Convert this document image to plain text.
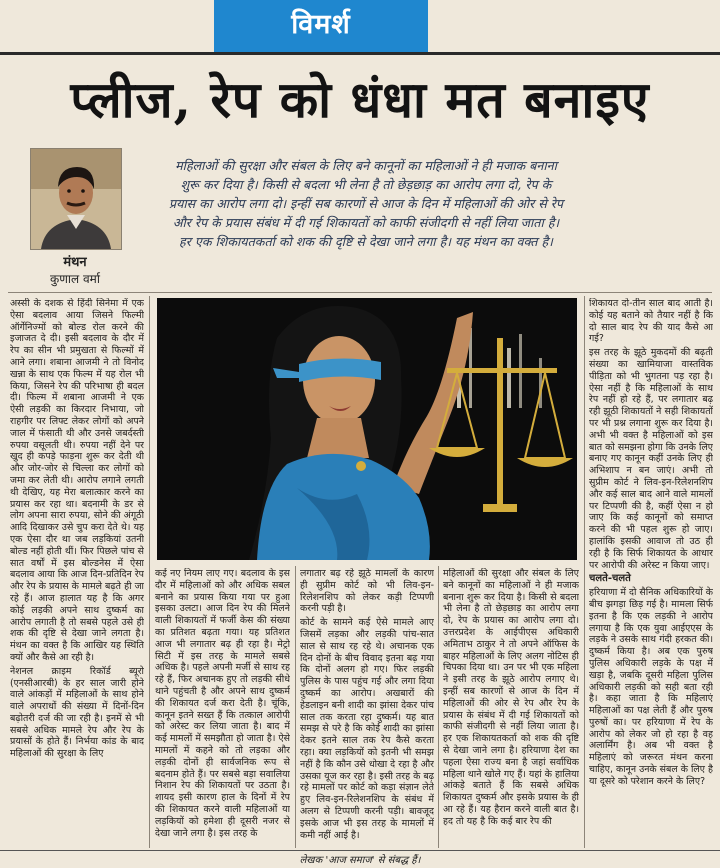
विमर्श
प्लीज, रेप को धंधा मत बनाइए
मंथन
कुणाल वर्मा
महिलाओं की सुरक्षा और संबल के लिए बने कानूनों का महिलाओं ने ही मजाक बनाना शुरू कर दिया है। किसी से बदला भी लेना है तो छेड़छाड़ का आरोप लगा दो, रेप के प्रयास का आरोप लगा दो। इन्हीं सब कारणों से आज के दिन में महिलाओं की ओर से रेप और रेप के प्रयास संबंध में दी गई शिकायतों को काफी संजीदगी से नहीं लिया जाता है। हर एक शिकायतकर्ता को शक की दृष्टि से देखा जाने लगा है। यह मंथन का वक्त है।

अस्सी के दशक से हिंदी सिनेमा में एक ऐसा बदलाव आया जिसने फिल्मी ऑर्गेनिज्मों को बोल्ड रोल करने की इजाजत दे दी। इसी बदलाव के दौर में रेप का सीन भी प्रमुखता से फिल्मों में आने लगा। शबाना आजमी ने तो विनोद खन्ना के साथ एक फिल्म में यह रोल भी किया, जिसने रेप की परिभाषा ही बदल दी। फिल्म में शबाना आजमी ने एक ऐसी लड़की का किरदार निभाया, जो राहगीर पर लिफ्ट लेकर लोगों को अपने जाल में फंसाती थी और उनसे जबर्दस्ती रुपया वसूलती थी। रुपया नहीं देने पर खुद ही कपड़े फाड़ना शुरू कर देती थी और जोर-जोर से चिल्ला कर लोगों को जमा कर लेती थी। आरोप लगाने लगती थी देखिए, यह मेरा बलात्कार करने का प्रयास कर रहा था। बदनामी के डर से लोग अपना सारा रुपया, सोने की अंगूठी आदि दिखाकर उसे चुप करा देते थे। यह एक ऐसा दौर था जब लड़कियां उतनी बोल्ड नहीं होती थीं। फिर पिछले पांच से सात वर्षों में इस बोल्डनेस में ऐसा बदलाव आया कि आज दिन-प्रतिदिन रेप और रेप के प्रयास के मामले बढ़ते ही जा रहे हैं। आज हालात यह है कि अगर कोई लड़की अपने साथ दुष्कर्म का आरोप लगाती है तो सबसे पहले उसे ही शक की दृष्टि से देखा जाने लगता है। मंथन का वक्त है कि आखिर यह स्थिति क्यों और कैसे आ रही है।

नेशनल क्राइम रिकॉर्ड ब्यूरो (एनसीआरबी) के हर साल जारी होने वाले आंकड़ों में महिलाओं के साथ होने वाले अपराधों की संख्या में दिनों-दिन बढ़ोतरी दर्ज की जा रही है। इनमें से भी सबसे अधिक मामले रेप और रेप के प्रयासों के होते हैं। निर्भया कांड के बाद महिलाओं की सुरक्षा के लिए

कई नए नियम लाए गए। बदलाव के इस दौर में महिलाओं को और अधिक सबल बनाने का प्रयास किया गया पर हुआ इसका उलटा। आज दिन रेप की मिलने वाली शिकायतों में फर्जी केस की संख्या का प्रतिशत बढ़ता गया। यह प्रतिशत आज भी लगातार बढ़ ही रहा है। मेट्रो सिटी में इस तरह के मामले सबसे अधिक है। पहले अपनी मर्जी से साथ रह रहे हैं, फिर अचानक हुए तो लड़की सीधे थाने पहुंचती है और अपने साथ दुष्कर्म की शिकायत दर्ज करा देती है। चूंकि, कानून इतने सख्त हैं कि तत्काल आरोपी को अरेस्ट कर लिया जाता है। बाद में कई मामलों में समझौता हो जाता है। ऐसे मामलों में कहने को तो लड़का और लड़की दोनों ही सार्वजनिक रूप से बदनाम होते हैं। पर सबसे बड़ा सवालिया निशान रेप की शिकायतों पर उठता है। शायद इसी कारण हाल के दिनों में रेप की शिकायत करने वाली महिलाओं या लड़कियों को हमेशा ही दूसरी नजर से देखा जाने लगा है। इस तरह के

लगातार बढ़ रहे झूठे मामलों के कारण ही सुप्रीम कोर्ट को भी लिव-इन-रिलेशनशिप को लेकर कड़ी टिप्पणी करनी पड़ी है।

कोर्ट के सामने कई ऐसे मामले आए जिसमें लड़का और लड़की पांच-सात साल से साथ रह रहे थे। अचानक एक दिन दोनों के बीच विवाद इतना बढ़ गया कि दोनों अलग हो गए। फिर लड़की पुलिस के पास पहुंच गई और लगा दिया दुष्कर्म का आरोप। अखबारों की हेडलाइन बनी शादी का झांसा देकर पांच साल तक करता रहा दुष्कर्म। यह बात समझ से परे है कि कोई शादी का झांसा देकर इतने साल तक रेप कैसे करता रहा। क्या लड़कियों को इतनी भी समझ नहीं है कि कौन उसे धोखा दे रहा है और उसका यूज कर रहा है। इसी तरह के बढ़ रहे मामलों पर कोर्ट को कड़ा संज्ञान लेते हुए लिव-इन-रिलेशनशिप के संबंध में अलग से टिप्पणी करनी पड़ी। बावजूद इसके आज भी इस तरह के मामलों में कमी नहीं आई है।

महिलाओं की सुरक्षा और संबल के लिए बने कानूनों का महिलाओं ने ही मजाक बनाना शुरू कर दिया है। किसी से बदला भी लेना है तो छेड़छाड़ का आरोप लगा दो, रेप के प्रयास का आरोप लगा दो। उत्तरप्रदेश के आईपीएस अधिकारी अमिताभ ठाकुर ने तो अपने ऑफिस के बाहर महिलाओं के लिए अलग नोटिस ही चिपका दिया था। उन पर भी एक महिला ने इसी तरह के झूठे आरोप लगाए थे। इन्हीं सब कारणों से आज के दिन में महिलाओं की ओर से रेप और रेप के प्रयास के संबंध में दी गई शिकायतों को काफी संजीदगी से नहीं लिया जाता है। हर एक शिकायतकर्ता को शक की दृष्टि से देखा जाने लगा है। हरियाणा देश का पहला ऐसा राज्य बना है जहां सर्वाधिक महिला थाने खोले गए हैं। यहां के हालिया आंकड़े बताते हैं कि सबसे अधिक शिकायत दुष्कर्म और इसके प्रयास के ही आ रहे हैं। यह हैरान करने वाली बात है। हद तो यह है कि कई बार रेप की

शिकायत दो-तीन साल बाद आती है। कोई यह बताने को तैयार नहीं है कि दो साल बाद रेप की याद कैसे आ गई?

इस तरह के झूठे मुकदमों की बढ़ती संख्या का खामियाजा वास्तविक पीड़िता को भी भुगतना पड़ रहा है। ऐसा नहीं है कि महिलाओं के साथ रेप नहीं हो रहे हैं, पर लगातार बढ़ रही झूठी शिकायतों ने सही शिकायतों पर भी प्रश्न लगाना शुरू कर दिया है। अभी भी वक्त है महिलाओं को इस बात को समझना होगा कि उनके लिए बनाए गए कानून कहीं उनके लिए ही अभिशाप न बन जाएं। अभी तो सुप्रीम कोर्ट ने लिव-इन-रिलेशनशिप और कई साल बाद आने वाले मामलों पर टिप्पणी की है, कहीं ऐसा न हो जाए कि कई कानूनों को समाप्त करने की भी पहल शुरू हो जाए। हालांकि इसकी आवाज तो उठ ही रही है कि सिर्फ शिकायत के आधार पर आरोपी की अरेस्ट न किया जाए।

चलते-चलते

हरियाणा में दो सैनिक अधिकारियों के बीच झगड़ा छिड़ गई है। मामला सिर्फ इतना है कि एक लड़की ने आरोप लगाया है कि एक युवा आईएएस के लड़के ने उसके साथ गंदी हरकत की। दुष्कर्म किया है। अब एक पुरुष पुलिस अधिकारी लड़के के पक्ष में खड़ा है, जबकि दूसरी महिला पुलिस अधिकारी लड़की को सही बता रही है। कहा जाता है कि महिलाएं महिलाओं का पक्ष लेती हैं और पुरुष पुरुषों का। पर हरियाणा में रेप के आरोप को लेकर जो हो रहा है वह अलार्मिंग है। अब भी वक्त है महिलाएं को जरूरत मंथन करना चाहिए, कानून उनके संबल के लिए है या दूसरे को परेशान करने के लिए?

लेखक 'आज समाज' से संबद्ध हैं।
